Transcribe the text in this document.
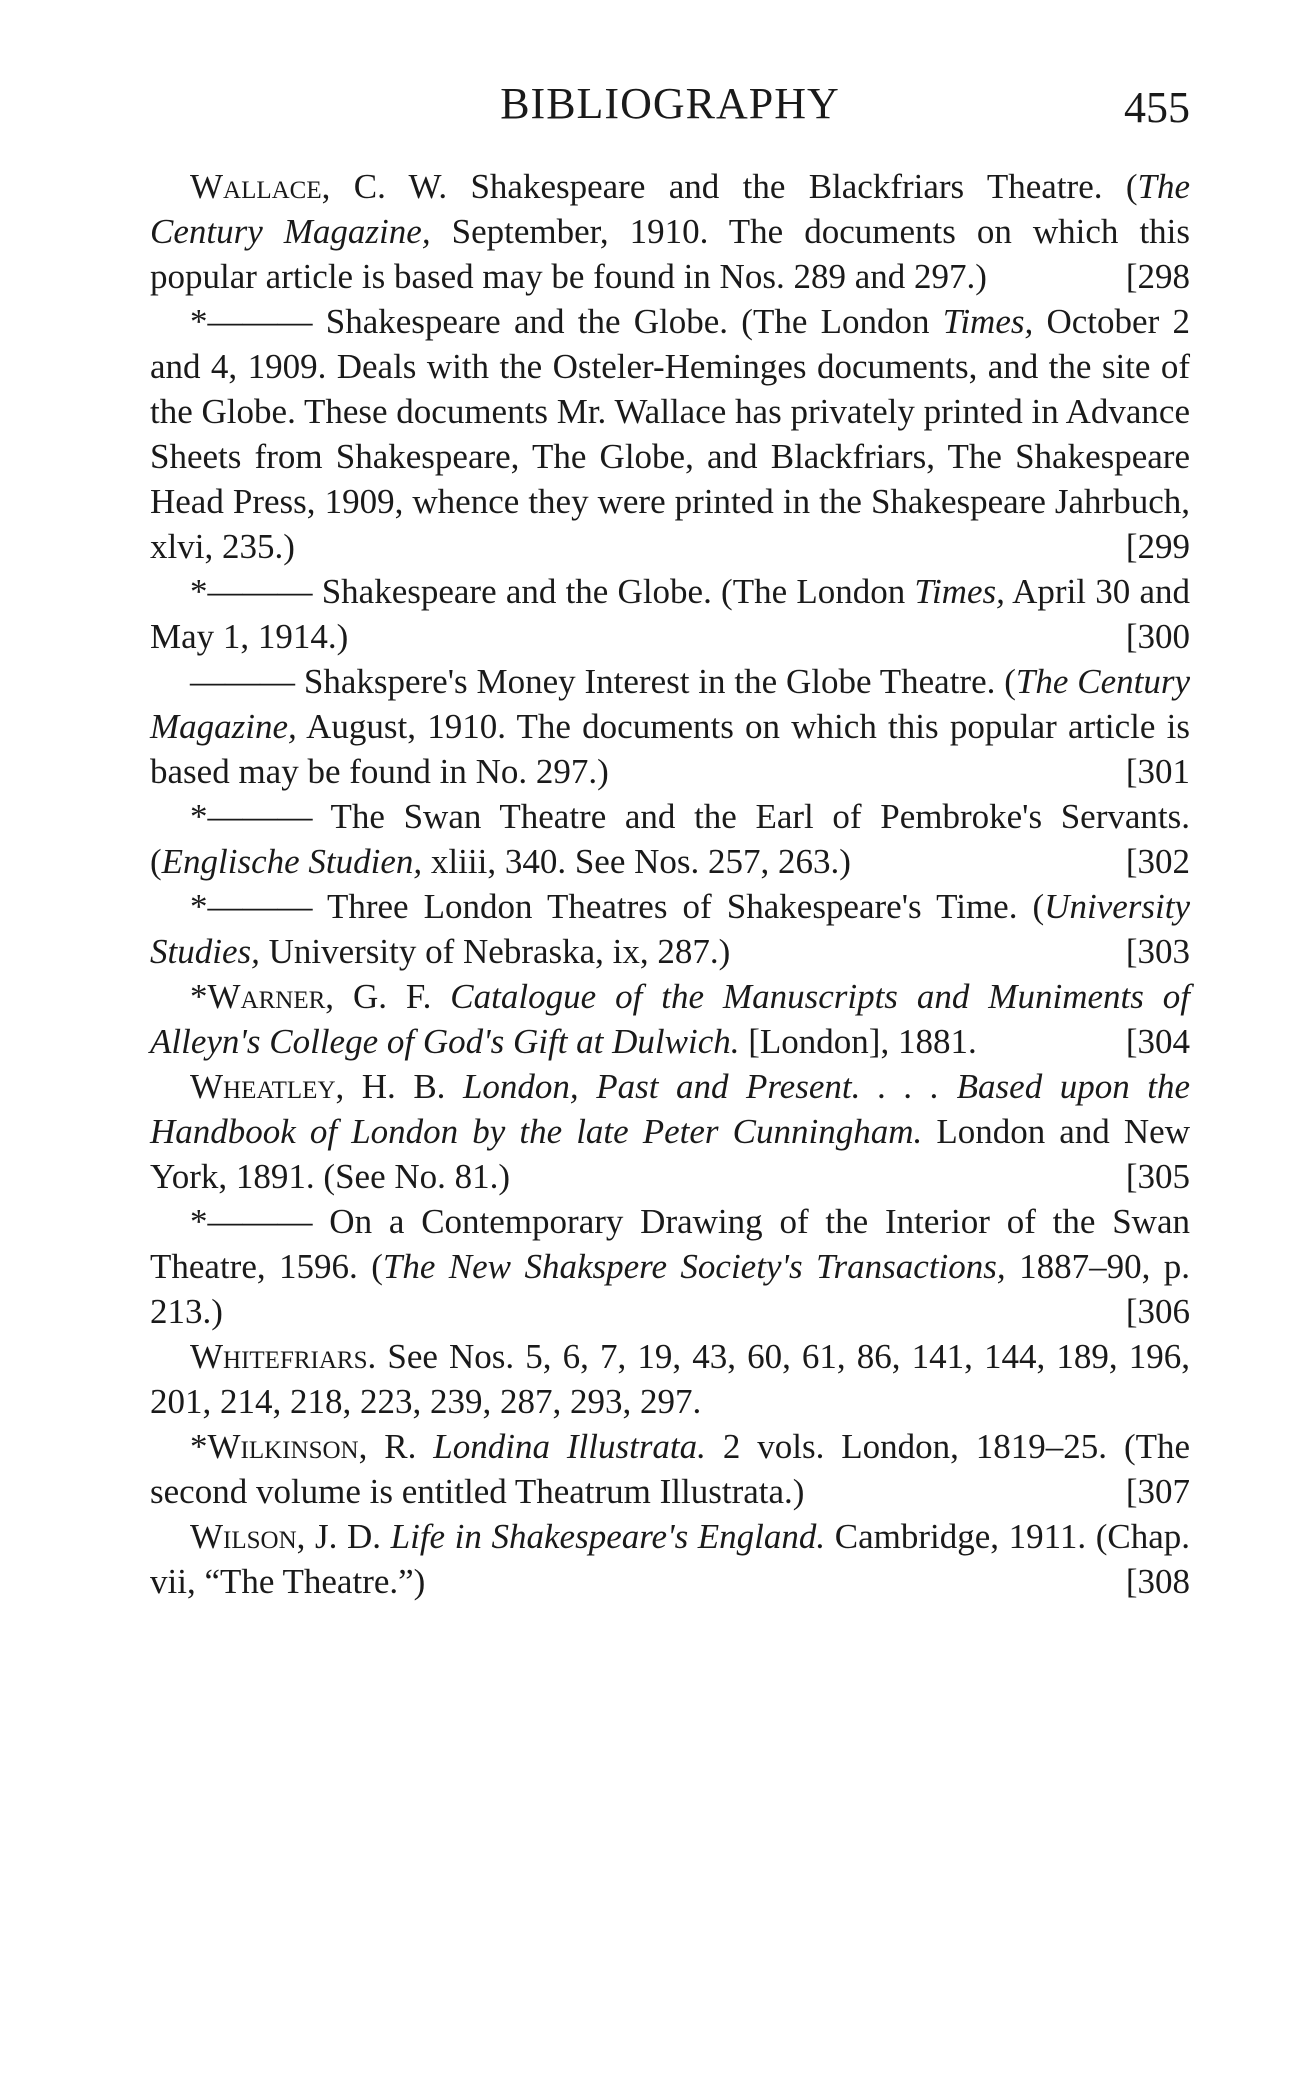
BIBLIOGRAPHY	455
Wallace, C. W. Shakespeare and the Blackfriars Theatre. (The Century Magazine, September, 1910. The documents on which this popular article is based may be found in Nos. 289 and 297.)	[298
*——— Shakespeare and the Globe. (The London Times, October 2 and 4, 1909. Deals with the Osteler-Heminges documents, and the site of the Globe. These documents Mr. Wallace has privately printed in Advance Sheets from Shakespeare, The Globe, and Blackfriars, The Shakespeare Head Press, 1909, whence they were printed in the Shakespeare Jahrbuch, xlvi, 235.)	[299
*——— Shakespeare and the Globe. (The London Times, April 30 and May 1, 1914.)	[300
——— Shakspere's Money Interest in the Globe Theatre. (The Century Magazine, August, 1910. The documents on which this popular article is based may be found in No. 297.)	[301
*——— The Swan Theatre and the Earl of Pembroke's Servants. (Englische Studien, xliii, 340. See Nos. 257, 263.)	[302
*——— Three London Theatres of Shakespeare's Time. (University Studies, University of Nebraska, ix, 287.)	[303
*Warner, G. F. Catalogue of the Manuscripts and Muniments of Alleyn's College of God's Gift at Dulwich. [London], 1881.	[304
Wheatley, H. B. London, Past and Present. . . . Based upon the Handbook of London by the late Peter Cunningham. London and New York, 1891. (See No. 81.)	[305
*——— On a Contemporary Drawing of the Interior of the Swan Theatre, 1596. (The New Shakspere Society's Transactions, 1887–90, p. 213.)	[306
Whitefriars. See Nos. 5, 6, 7, 19, 43, 60, 61, 86, 141, 144, 189, 196, 201, 214, 218, 223, 239, 287, 293, 297.
*Wilkinson, R. Londina Illustrata. 2 vols. London, 1819–25. (The second volume is entitled Theatrum Illustrata.)	[307
Wilson, J. D. Life in Shakespeare's England. Cambridge, 1911. (Chap. vii, “The Theatre.”)	[308
